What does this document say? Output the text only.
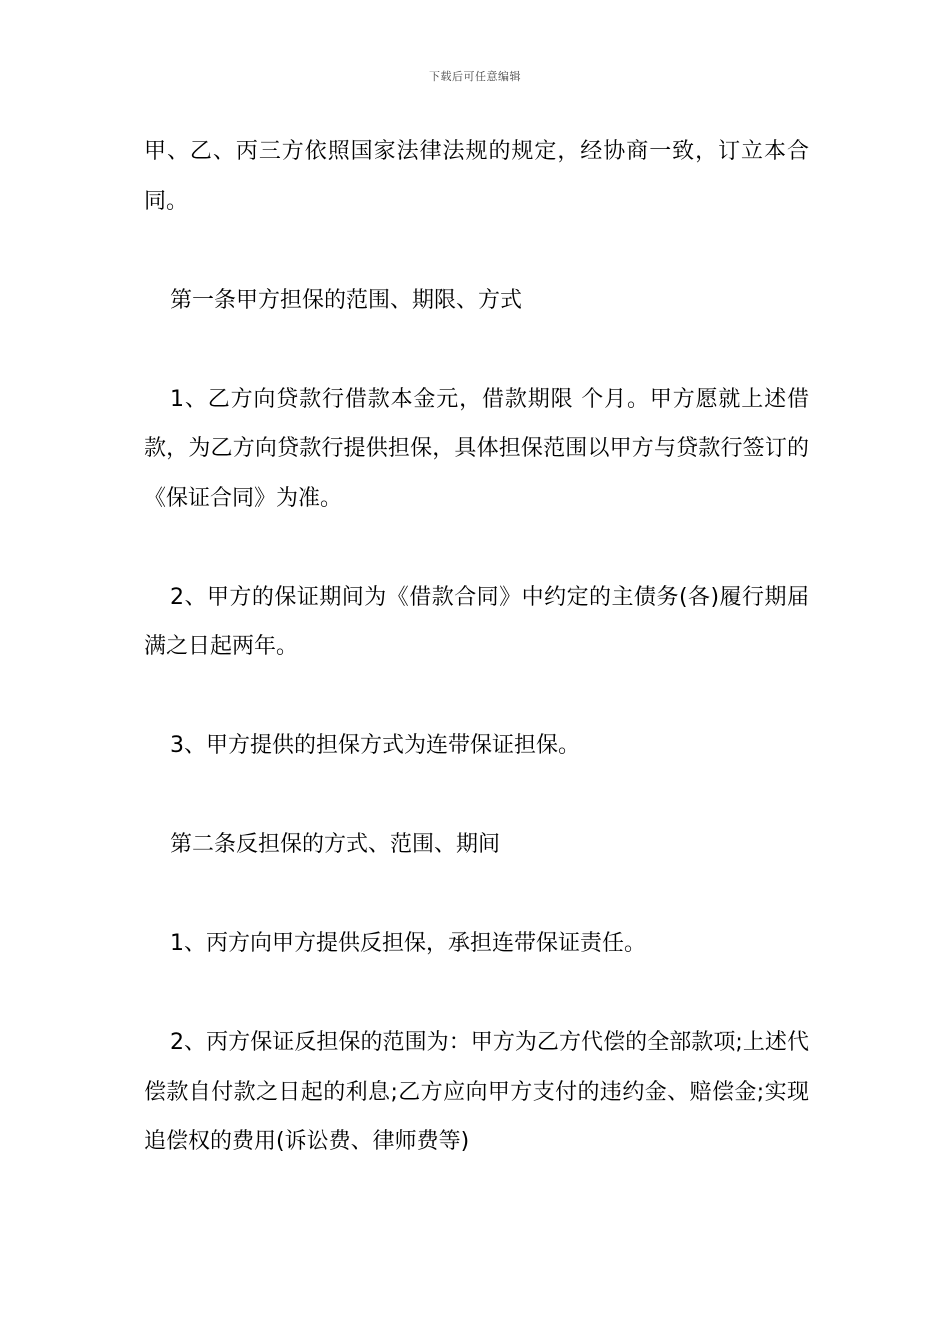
下载后可任意编辑

甲、乙、丙三方依照国家法律法规的规定，经协商一致，订立本合同。

第一条甲方担保的范围、期限、方式

1、乙方向贷款行借款本金元，借款期限 个月。甲方愿就上述借款，为乙方向贷款行提供担保，具体担保范围以甲方与贷款行签订的《保证合同》为准。

2、甲方的保证期间为《借款合同》中约定的主债务(各)履行期届满之日起两年。

3、甲方提供的担保方式为连带保证担保。

第二条反担保的方式、范围、期间

1、丙方向甲方提供反担保，承担连带保证责任。

2、丙方保证反担保的范围为：甲方为乙方代偿的全部款项;上述代偿款自付款之日起的利息;乙方应向甲方支付的违约金、赔偿金;实现追偿权的费用(诉讼费、律师费等)
